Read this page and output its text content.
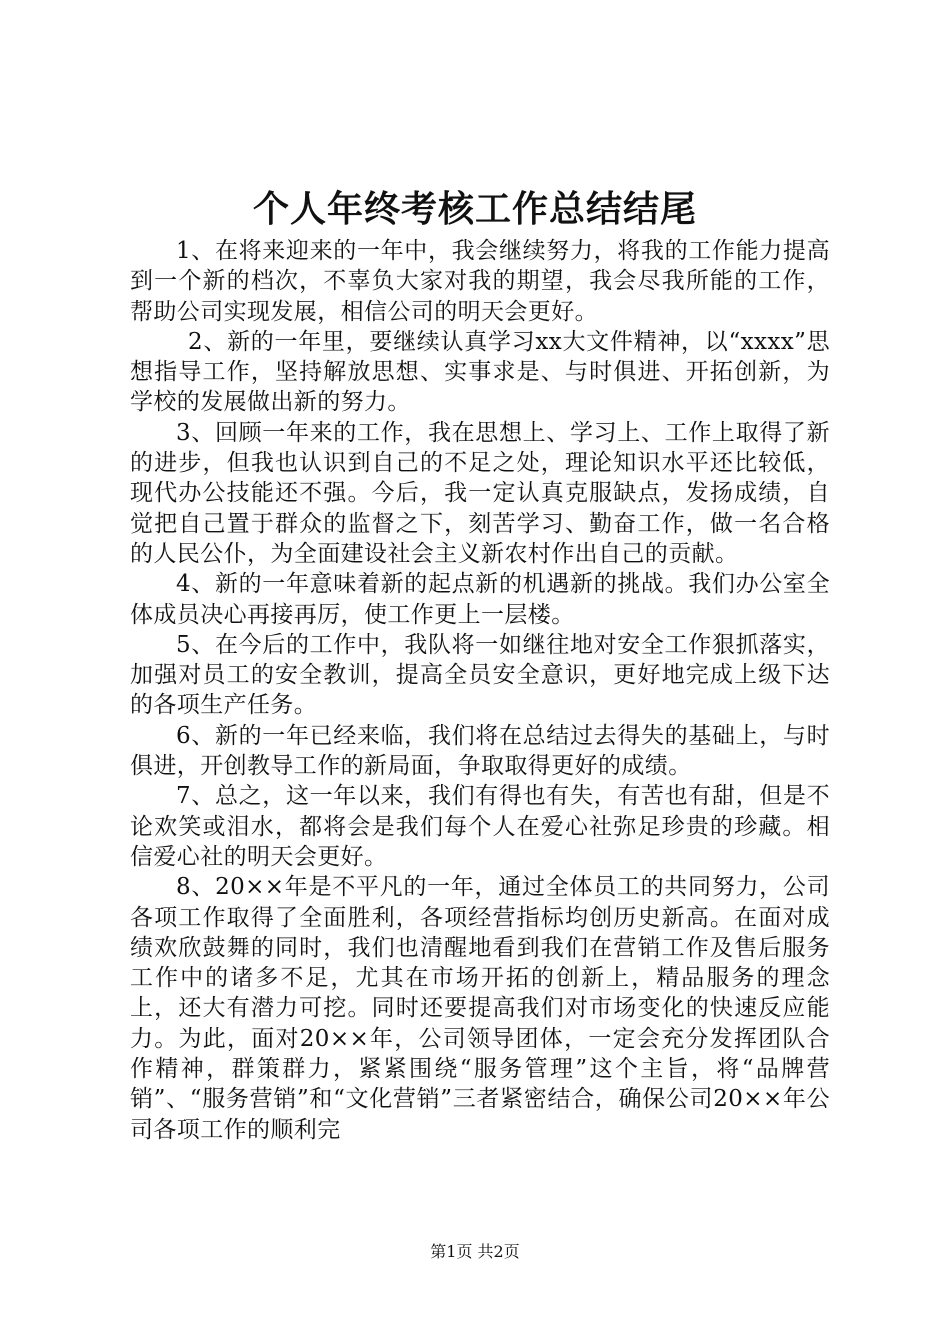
个人年终考核工作总结结尾

1、在将来迎来的一年中，我会继续努力，将我的工作能力提高到一个新的档次，不辜负大家对我的期望，我会尽我所能的工作，帮助公司实现发展，相信公司的明天会更好。

2、新的一年里，要继续认真学习xx大文件精神，以“xxxx”思想指导工作，坚持解放思想、实事求是、与时俱进、开拓创新，为学校的发展做出新的努力。

3、回顾一年来的工作，我在思想上、学习上、工作上取得了新的进步，但我也认识到自己的不足之处，理论知识水平还比较低，现代办公技能还不强。今后，我一定认真克服缺点，发扬成绩，自觉把自己置于群众的监督之下，刻苦学习、勤奋工作，做一名合格的人民公仆，为全面建设社会主义新农村作出自己的贡献。

4、新的一年意味着新的起点新的机遇新的挑战。我们办公室全体成员决心再接再厉，使工作更上一层楼。

5、在今后的工作中，我队将一如继往地对安全工作狠抓落实，加强对员工的安全教训，提高全员安全意识，更好地完成上级下达的各项生产任务。

6、新的一年已经来临，我们将在总结过去得失的基础上，与时俱进，开创教导工作的新局面，争取取得更好的成绩。

7、总之，这一年以来，我们有得也有失，有苦也有甜，但是不论欢笑或泪水，都将会是我们每个人在爱心社弥足珍贵的珍藏。相信爱心社的明天会更好。

8、20××年是不平凡的一年，通过全体员工的共同努力，公司各项工作取得了全面胜利，各项经营指标均创历史新高。在面对成绩欢欣鼓舞的同时，我们也清醒地看到我们在营销工作及售后服务工作中的诸多不足，尤其在市场开拓的创新上，精品服务的理念上，还大有潜力可挖。同时还要提高我们对市场变化的快速反应能力。为此，面对20××年，公司领导团体，一定会充分发挥团队合作精神，群策群力，紧紧围绕“服务管理”这个主旨，将“品牌营销”、“服务营销”和“文化营销”三者紧密结合，确保公司20××年公司各项工作的顺利完

第1页 共2页
